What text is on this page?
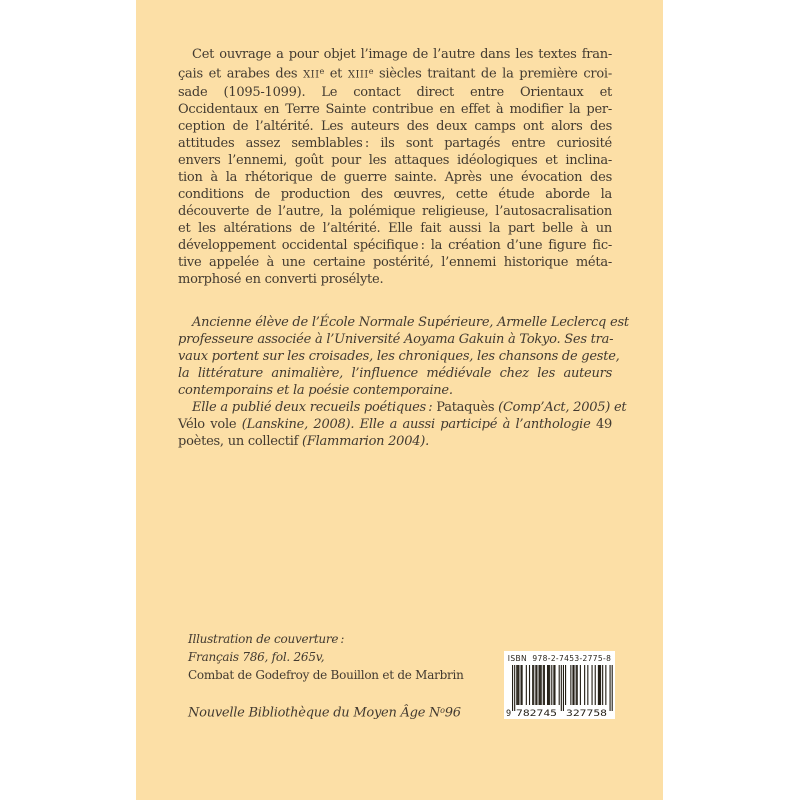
Cet ouvrage a pour objet l’image de l’autre dans les textes fran-
çais et arabes des XIIe et XIIIe siècles traitant de la première croi-
sade (1095-1099). Le contact direct entre Orientaux et
Occidentaux en Terre Sainte contribue en effet à modifier la per-
ception de l’altérité. Les auteurs des deux camps ont alors des
attitudes assez semblables : ils sont partagés entre curiosité
envers l’ennemi, goût pour les attaques idéologiques et inclina-
tion à la rhétorique de guerre sainte. Après une évocation des
conditions de production des œuvres, cette étude aborde la
découverte de l’autre, la polémique religieuse, l’autosacralisation
et les altérations de l’altérité. Elle fait aussi la part belle à un
développement occidental spécifique : la création d’une figure fic-
tive appelée à une certaine postérité, l’ennemi historique méta-
morphosé en converti prosélyte.
Ancienne élève de l’École Normale Supérieure, Armelle Leclercq est
professeure associée à l’Université Aoyama Gakuin à Tokyo. Ses tra-
vaux portent sur les croisades, les chroniques, les chansons de geste,
la littérature animalière, l’influence médiévale chez les auteurs
contemporains et la poésie contemporaine.
Elle a publié deux recueils poétiques : Pataquès (Comp’Act, 2005) et
Vélo vole (Lanskine, 2008). Elle a aussi participé à l’anthologie 49
poètes, un collectif (Flammarion 2004).
Illustration de couverture :
Français 786, fol. 265v,
Combat de Godefroy de Bouillon et de Marbrin
Nouvelle Bibliothèque du Moyen Âge $N^o96$
ISBN  978-2-7453-2775-8
9 782745 327758
